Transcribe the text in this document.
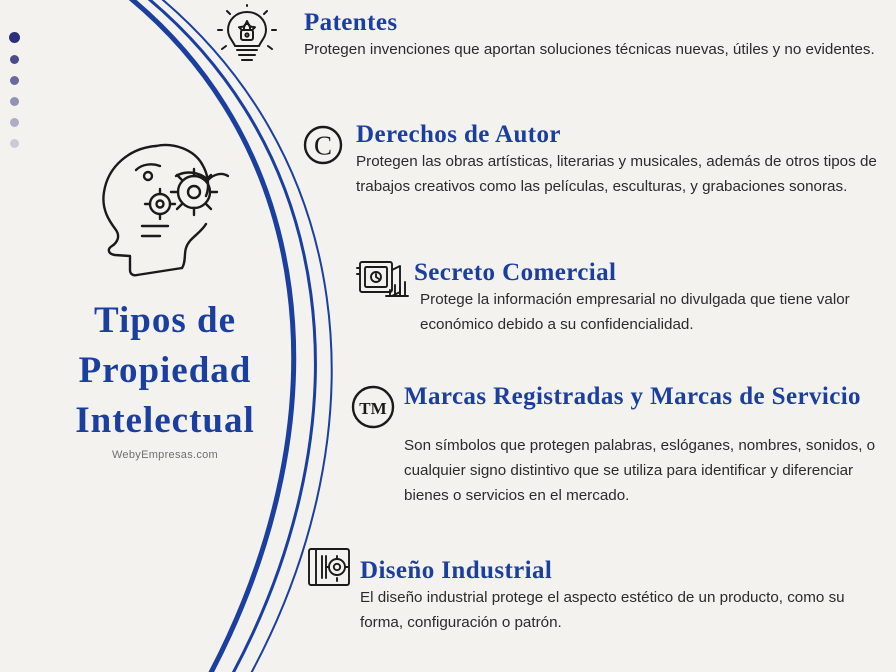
Tipos de
Propiedad
Intelectual
WebyEmpresas.com
Patentes
Protegen invenciones que aportan soluciones técnicas nuevas, útiles y no evidentes.
C Derechos de Autor
Protegen las obras artísticas, literarias y musicales, además de otros tipos de trabajos creativos como las películas, esculturas, y grabaciones sonoras.
Secreto Comercial
Protege la información empresarial no divulgada que tiene valor económico debido a su confidencialidad.
TM Marcas Registradas y Marcas de Servicio
Son símbolos que protegen palabras, eslóganes, nombres, sonidos, o cualquier signo distintivo que se utiliza para identificar y diferenciar bienes o servicios en el mercado.
Diseño Industrial
El diseño industrial protege el aspecto estético de un producto, como su forma, configuración o patrón.
